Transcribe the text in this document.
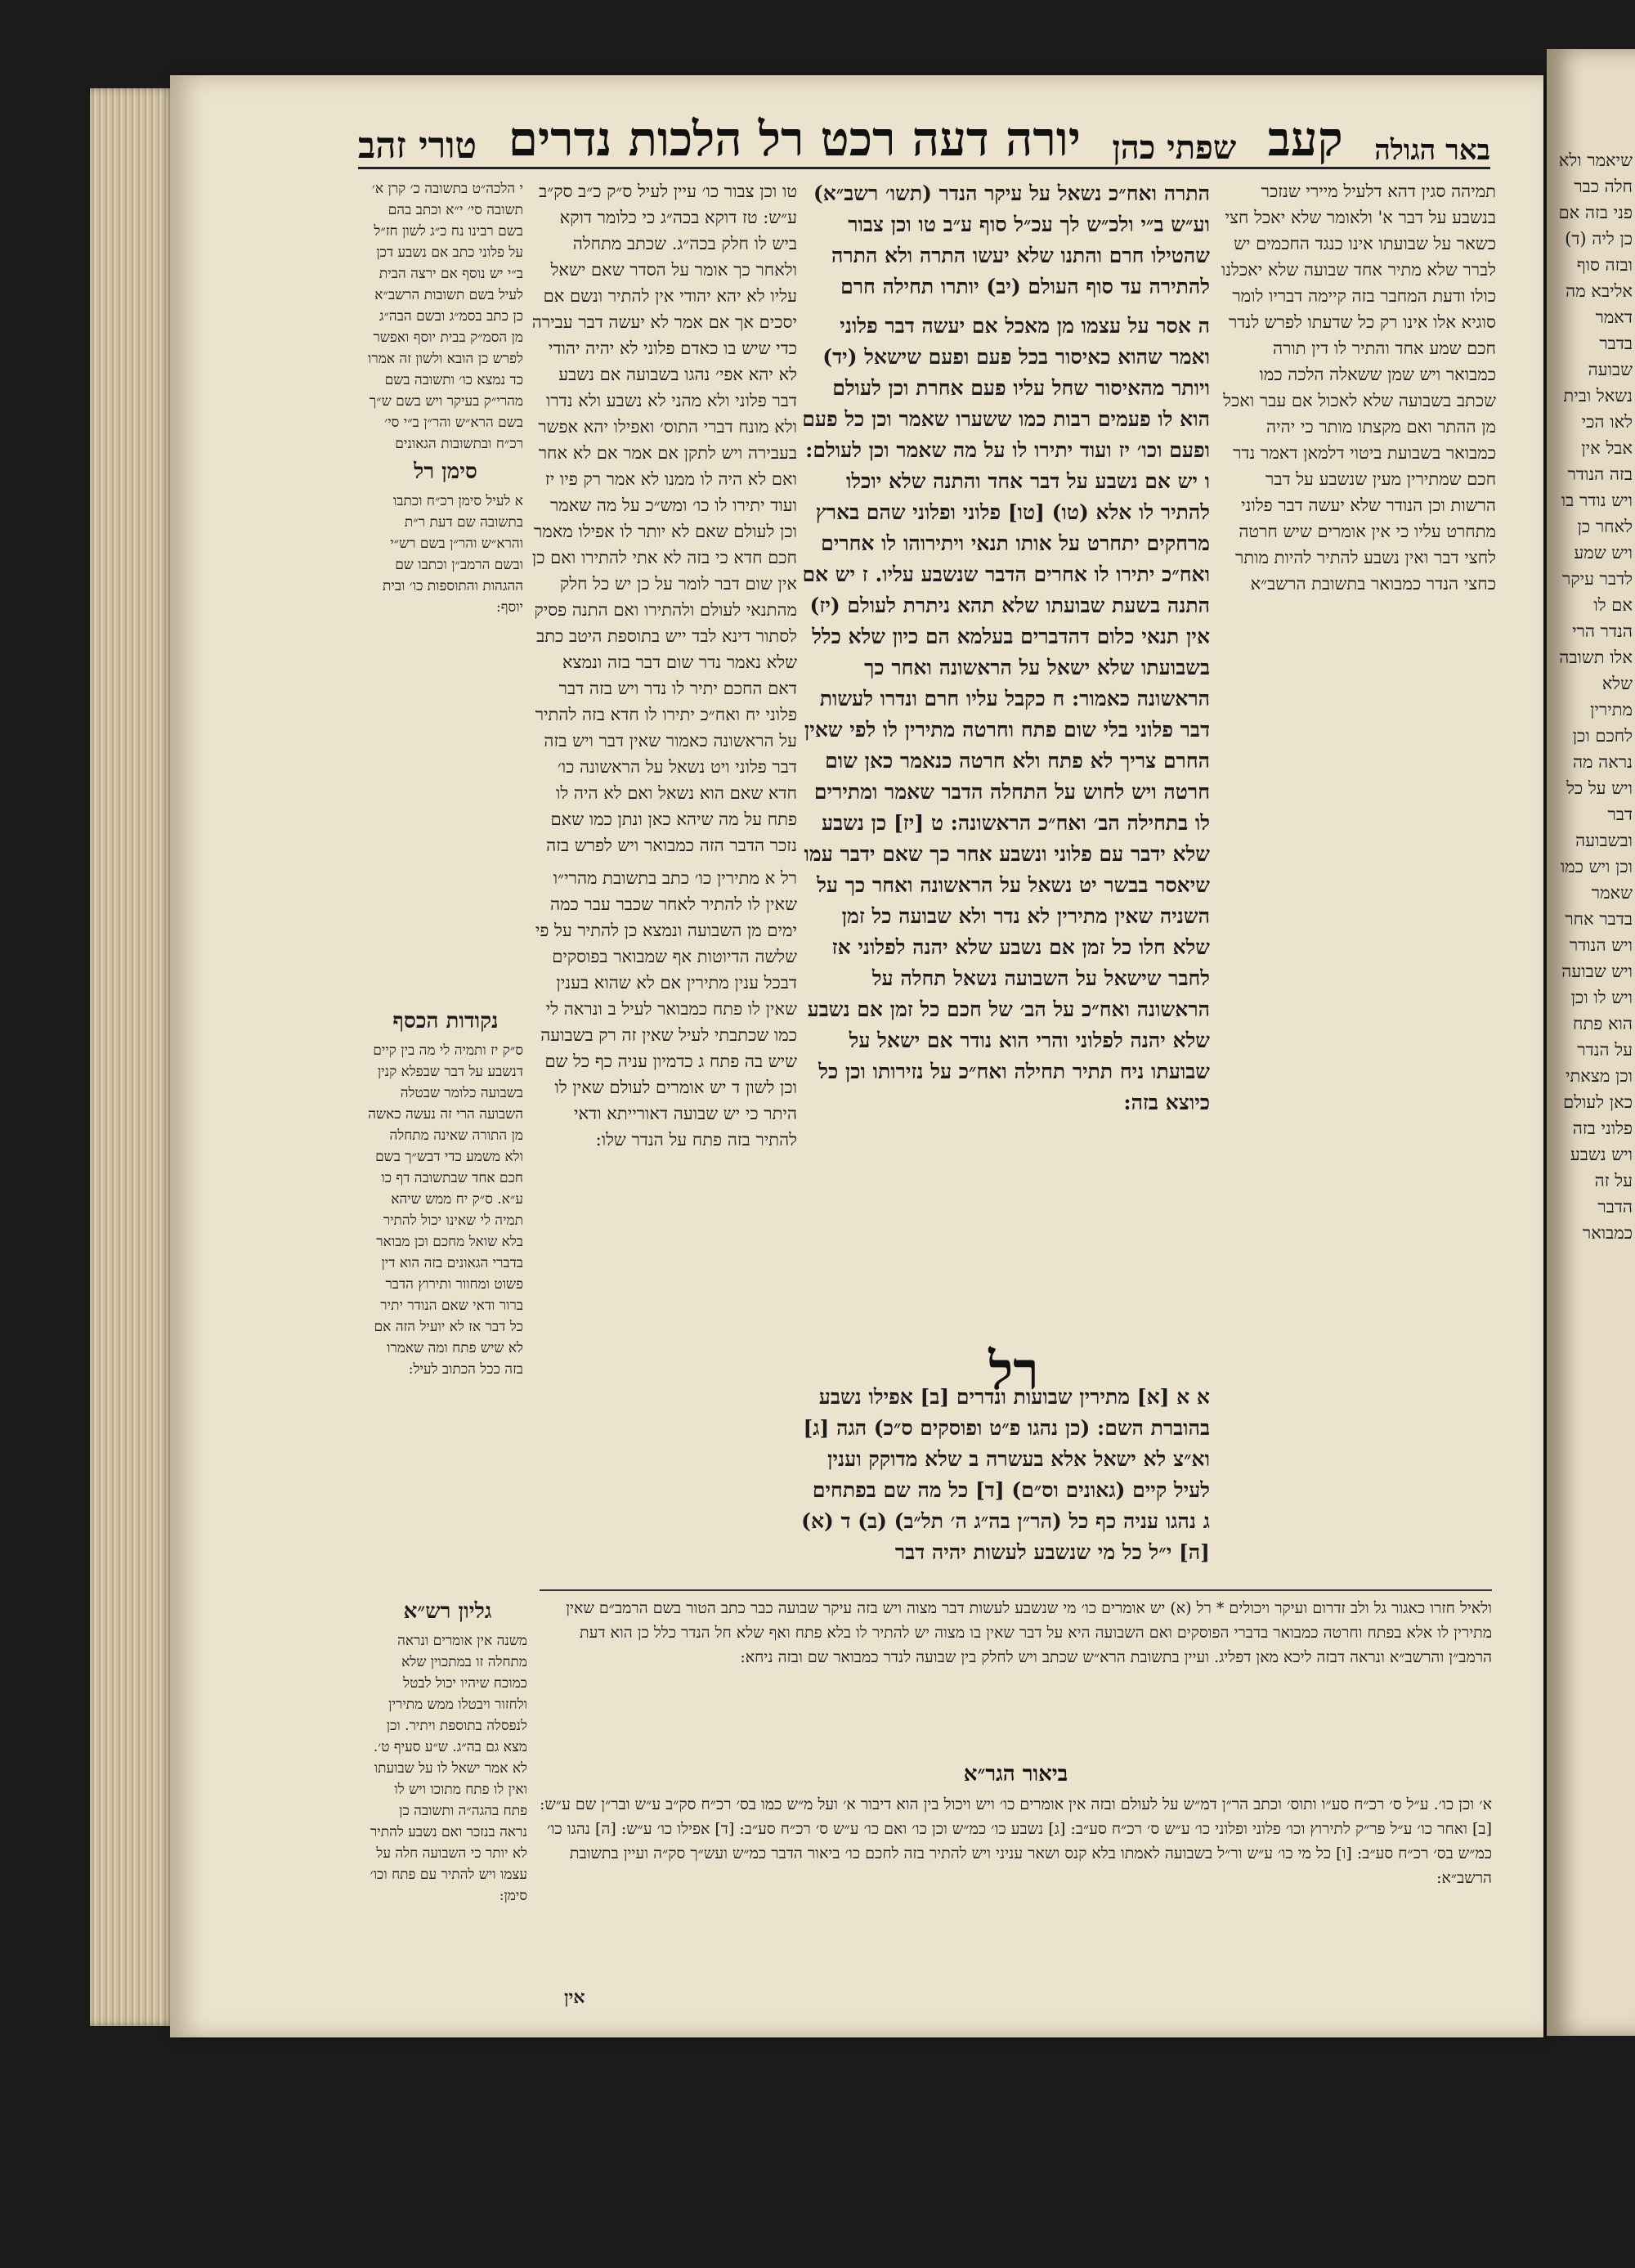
טורי זהב יורה דעה רכט רל הלכות נדרים שפתי כהן קעב באר הגולה

תמיהה סגין דהא דלעיל מיירי שנזכר בנשבע על דבר א' ולאומר שלא יאכל חצי כשאר על שבועתו אינו כנגד החכמים יש לברר שלא מתיר אחד שבועה שלא יאכלנו כולו ודעת המחבר בזה קיימה דבריו לומר סוגיא אלו אינו רק כל שדעתו לפרש לנדר חכם שמע אחד והתיר לו דין תורה כמבואר ויש שמן ששאלה הלכה כמו שכתב בשבועה שלא לאכול אם עבר ואכל מן ההתר ואם מקצתו מותר כי יהיה כמבואר בשבועת ביטוי דלמאן דאמר נדר חכם שמתירין מעין שנשבע על דבר הרשות וכן הנודר שלא יעשה דבר פלוני מתחרט עליו כי אין אומרים שיש חרטה לחצי דבר ואין נשבע להתיר להיות מותר כחצי הנדר כמבואר בתשובת הרשב״א

התרה ואח״כ נשאל על עיקר הנדר (תשו׳ רשב״א) וע״ש ב״י ולכ״ש לך עכ״ל סוף ע״ב טו וכן צבור שהטילו חרם והתנו שלא יעשו התרה ולא התרה להתירה עד סוף העולם (יב) יותרו תחילה חרם

ה אסר על עצמו מן מאכל אם יעשה דבר פלוני ואמר שהוא כאיסור בכל פעם ופעם שישאל (יד) ויותר מהאיסור שחל עליו פעם אחרת וכן לעולם הוא לו פעמים רבות כמו ששערו שאמר וכן כל פעם ופעם וכו׳ יז ועוד יתירו לו על מה שאמר וכן לעולם: ו יש אם נשבע על דבר אחד והתנה שלא יוכלו להתיר לו אלא (טו) [טו] פלוני ופלוני שהם בארץ מרחקים יתחרט על אותו תנאי ויתירוהו לו אחרים ואח״כ יתירו לו אחרים הדבר שנשבע עליו. ז יש אם התנה בשעת שבועתו שלא תהא ניתרת לעולם (יז) אין תנאי כלום דהדברים בעלמא הם כיון שלא כלל בשבועתו שלא ישאל על הראשונה ואחר כך הראשונה כאמור: ח כקבל עליו חרם ונדרו לעשות דבר פלוני בלי שום פתח וחרטה מתירין לו לפי שאין החרם צריך לא פתח ולא חרטה כנאמר כאן שום חרטה ויש לחוש על התחלה הדבר שאמר ומתירים לו בתחילה הב׳ ואח״כ הראשונה: ט [יז] כן נשבע שלא ידבר עם פלוני ונשבע אחר כך שאם ידבר עמו שיאסר בבשר יט נשאל על הראשונה ואחר כך על השניה שאין מתירין לא נדר ולא שבועה כל זמן שלא חלו כל זמן אם נשבע שלא יהנה לפלוני אז לחבר שישאל על השבועה נשאל תחלה על הראשונה ואח״כ על הב׳ של חכם כל זמן אם נשבע שלא יהנה לפלוני והרי הוא נודר אם ישאל על שבועתו ניח תתיר תחילה ואח״כ על נזירותו וכן כל כיוצא בזה:

רל

א א [א] מתירין שבועות ונדרים [ב] אפילו נשבע בהוברת השם: (כן נהגו פ״ט ופוסקים ס״כ) הגה [ג] וא״צ לא ישאל אלא בעשרה ב שלא מדוקק וענין לעיל קיים (גאונים וס״ם) [ד] כל מה שם בפתחים ג נהגו עניה כף כל (הר״ן בה״ג ה׳ תל״ב) (ב) ד (א) [ה] י״ל כל מי שנשבע לעשות יהיה דבר

טו וכן צבור כו׳ עיין לעיל ס״ק כ״ב סק״ב ע״ש: טז דוקא בכה״ג כי כלומר דוקא ביש לו חלק בכה״ג. שכתב מתחלה ולאחר כך אומר על הסדר שאם ישאל עליו לא יהא יהודי אין להתיר ונשם אם יסכים אך אם אמר לא יעשה דבר עבירה כדי שיש בו כאדם פלוני לא יהיה יהודי לא יהא אפי׳ נהגו בשבועה אם נשבע דבר פלוני ולא מהני לא נשבע ולא נדרו ולא מונח דברי התוס׳ ואפילו יהא אפשר בעבירה ויש לתקן אם אמר אם לא אחר ואם לא היה לו ממנו לא אמר רק פיו יז ועוד יתירו לו כו׳ ומש״כ על מה שאמר וכן לעולם שאם לא יותר לו אפילו מאמר חכם חדא כי בזה לא אתי להתירו ואם כן אין שום דבר לומר על כן יש כל חלק מהתנאי לעולם ולהתירו ואם התנה פסיק לסתור דינא לבד ייש בתוספת היטב כתב שלא נאמר נדר שום דבר בזה ונמצא דאם החכם יתיר לו נדר ויש בזה דבר פלוני יח ואח״כ יתירו לו חדא בזה להתיר על הראשונה כאמור שאין דבר ויש בזה דבר פלוני ויט נשאל על הראשונה כו׳ חדא שאם הוא נשאל ואם לא היה לו פתח על מה שיהא כאן ונתן כמו שאם נזכר הדבר הזה כמבואר ויש לפרש בזה

רל א מתירין כו׳ כתב בתשובת מהרי״ו שאין לו להתיר לאחר שכבר עבר כמה ימים מן השבועה ונמצא כן להתיר על פי שלשה הדיוטות אף שמבואר בפוסקים דבכל ענין מתירין אם לא שהוא בענין שאין לו פתח כמבואר לעיל ב ונראה לי כמו שכתבתי לעיל שאין זה רק בשבועה שיש בה פתח ג כדמיון עניה כף כל שם וכן לשון ד יש אומרים לעולם שאין לו היתר כי יש שבועה דאורייתא ודאי להתיר בזה פתח על הנדר שלו:

י הלכה״ט בתשובה כ׳ קרן א׳ תשובה סי׳ י״א וכתב בהם בשם רבינו נח כ״ג לשון חז״ל על פלוני כתב אם נשבע דכן ב״י יש נוסף אם ירצה הבית לעיל בשם תשובות הרשב״א כן כתב בסמ״ג ובשם הבה״ג מן הסמ״ק בבית יוסף ואפשר לפרש כן הובא ולשון זה אמרו כד נמצא כו׳ ותשובה בשם מהרי״ק בעיקר ויש בשם ש״ך בשם הרא״ש והר״ן ב״י סי׳ רכ״ח ובתשובות הגאונים

סימן רל

א לעיל סימן רכ״ח וכתבו בתשובה שם דעת ר״ת והרא״ש והר״ן בשם רש״י ובשם הרמב״ן וכתבו שם ההגהות והתוספות כו׳ ובית יוסף:

נקודות הכסף

ס״ק יז ותמיה לי מה בין קיים דנשבע על דבר שבפלא קנין בשבועה כלומר שבטלה השבועה הרי זה נעשה כאשה מן התורה שאינה מתחלה ולא משמע כדי דבש״ך בשם חכם אחד שבתשובה דף כו ע״א. ס״ק יח ממש שיהא תמיה לי שאינו יכול להתיר בלא שואל מחכם וכן מבואר בדברי הגאונים בזה הוא דין פשוט ומחוור ותירוץ הדבר ברור ודאי שאם הנודר יתיר כל דבר אז לא יועיל הזה אם לא שיש פתח ומה שאמרו בזה ככל הכתוב לעיל:

ולאיל חזרו כאגור גל ולב זדרום ועיקר ויכולים * רל (א) יש אומרים כו׳ מי שנשבע לעשות דבר מצוה ויש בזה עיקר שבועה כבר כתב הטור בשם הרמב״ם שאין מתירין לו אלא בפתח וחרטה כמבואר בדברי הפוסקים ואם השבועה היא על דבר שאין בו מצוה יש להתיר לו בלא פתח ואף שלא חל הנדר כלל כן הוא דעת הרמב״ן והרשב״א ונראה דבזה ליכא מאן דפליג. ועיין בתשובת הרא״ש שכתב ויש לחלק בין שבועה לנדר כמבואר שם ובזה ניחא:

ביאור הגר״א

א׳ וכן כו׳. ע״ל ס׳ רכ״ח סע״ו ותוס׳ וכתב הר״ן דמ״ש על לעולם ובזה אין אומרים כו׳ ויש ויכול בין הוא דיבור א׳ ועל מ״ש כמו בס׳ רכ״ח סק״ב ע״ש ובר״ן שם ע״ש: [ב] ואחר כו׳ ע״ל פר״ק לתירוץ וכו׳ פלוני ופלוני כו׳ ע״ש ס׳ רכ״ח סע״ב: [ג] נשבע כו׳ כמ״ש וכן כו׳ ואם כו׳ ע״ש ס׳ רכ״ח סע״ב: [ד] אפילו כו׳ ע״ש: [ה] נהגו כו׳ כמ״ש בס׳ רכ״ח סע״ב: [ו] כל מי כו׳ ע״ש ור״ל בשבועה לאמתו בלא קנס ושאר עניני ויש להתיר בזה לחכם כו׳ ביאור הדבר כמ״ש ועש״ך סק״ה ועיין בתשובת הרשב״א:

גליון רש״א

משנה אין אומרים ונראה מתחלה זו במתכוין שלא כמוכח שיהיו יכול לבטל ולחזור ויבטלו ממש מתירין לנפסלה בתוספת ויתיר. וכן מצא גם בה״ג. ש״ע סעיף ט׳. לא אמר ישאל לו על שבועתו ואין לו פתח מתוכו ויש לו פתח בהגה״ה ותשובה כן נראה בנזכר ואם נשבע להתיר לא יותר כי השבועה חלה על עצמו ויש להתיר עם פתח וכו׳ סימן:

שיאמר ולא חלה כבר פני בזה אם כן ליה (ד) ובזה סוף אליבא מה דאמר בדבר שבועה נשאל ובית לאו הכי אבל אין בזה הנודר ויש נודר בו לאחר כן ויש שמע לדבר עיקר אם לו הנדר הרי אלו תשובה שלא מתירין לחכם וכן נראה מה ויש על כל דבר ובשבועה וכן ויש כמו שאמר בדבר אחר ויש הנודר ויש שבועה ויש לו וכן הוא פתח על הנדר וכן מצאתי כאן לעולם פלוני בזה ויש נשבע על זה הדבר כמבואר

אין
